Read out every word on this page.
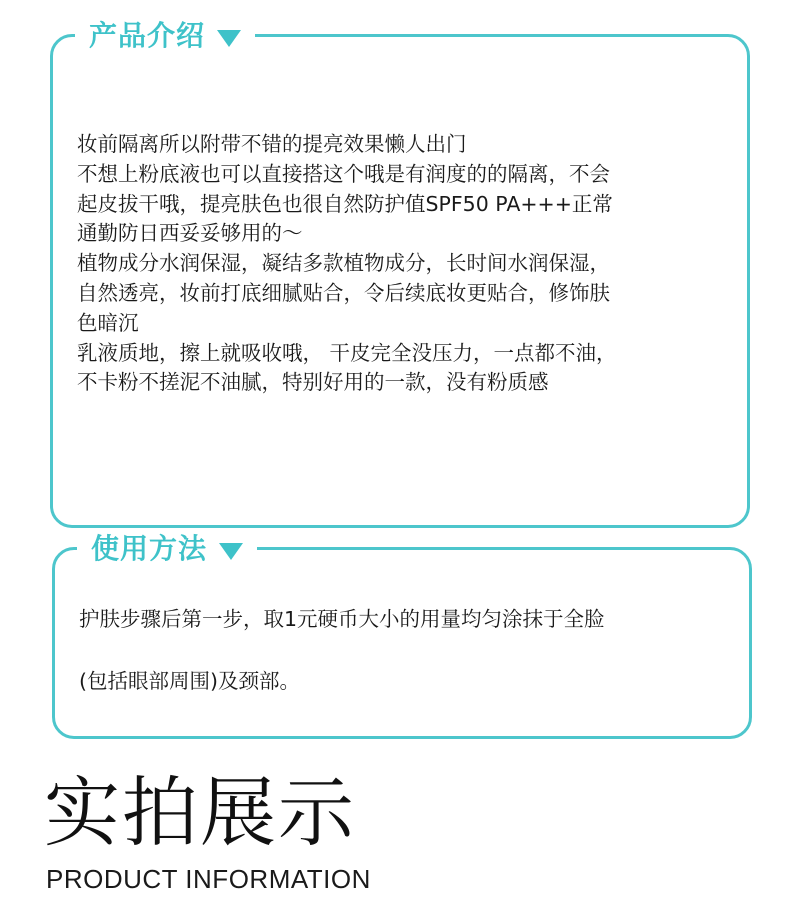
产品介绍

妆前隔离所以附带不错的提亮效果懒人出门

不想上粉底液也可以直接搭这个哦是有润度的的隔离，不会

起皮拔干哦，提亮肤色也很自然防护值SPF50 PA+++正常

通勤防日西妥妥够用的～

植物成分水润保湿，凝结多款植物成分，长时间水润保湿，

自然透亮，妆前打底细腻贴合，令后续底妆更贴合，修饰肤

色暗沉

乳液质地，擦上就吸收哦， 干皮完全没压力，一点都不油，

不卡粉不搓泥不油腻，特别好用的一款，没有粉质感

使用方法

护肤步骤后第一步，取1元硬币大小的用量均匀涂抹于全脸

(包括眼部周围)及颈部。

实拍展示
PRODUCT INFORMATION
